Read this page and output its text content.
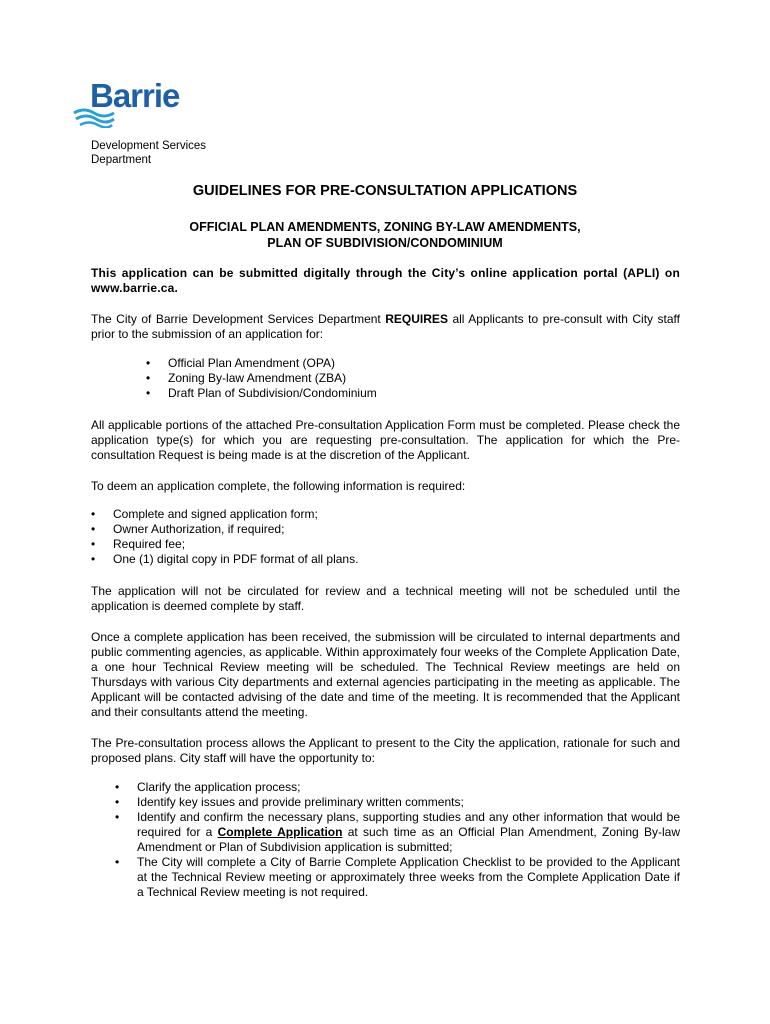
Barrie
Development Services
Department
GUIDELINES FOR PRE-CONSULTATION APPLICATIONS
OFFICIAL PLAN AMENDMENTS, ZONING BY-LAW AMENDMENTS,
PLAN OF SUBDIVISION/CONDOMINIUM

This application can be submitted digitally through the City’s online application portal (APLI) on www.barrie.ca.

The City of Barrie Development Services Department REQUIRES all Applicants to pre-consult with City staff prior to the submission of an application for:

• Official Plan Amendment (OPA)
• Zoning By-law Amendment (ZBA)
• Draft Plan of Subdivision/Condominium

All applicable portions of the attached Pre-consultation Application Form must be completed. Please check the application type(s) for which you are requesting pre-consultation. The application for which the Pre-consultation Request is being made is at the discretion of the Applicant.

To deem an application complete, the following information is required:

• Complete and signed application form;
• Owner Authorization, if required;
• Required fee;
• One (1) digital copy in PDF format of all plans.

The application will not be circulated for review and a technical meeting will not be scheduled until the application is deemed complete by staff.

Once a complete application has been received, the submission will be circulated to internal departments and public commenting agencies, as applicable. Within approximately four weeks of the Complete Application Date, a one hour Technical Review meeting will be scheduled. The Technical Review meetings are held on Thursdays with various City departments and external agencies participating in the meeting as applicable. The Applicant will be contacted advising of the date and time of the meeting. It is recommended that the Applicant and their consultants attend the meeting.

The Pre-consultation process allows the Applicant to present to the City the application, rationale for such and proposed plans. City staff will have the opportunity to:

• Clarify the application process;
• Identify key issues and provide preliminary written comments;
• Identify and confirm the necessary plans, supporting studies and any other information that would be required for a Complete Application at such time as an Official Plan Amendment, Zoning By-law Amendment or Plan of Subdivision application is submitted;
• The City will complete a City of Barrie Complete Application Checklist to be provided to the Applicant at the Technical Review meeting or approximately three weeks from the Complete Application Date if a Technical Review meeting is not required.
